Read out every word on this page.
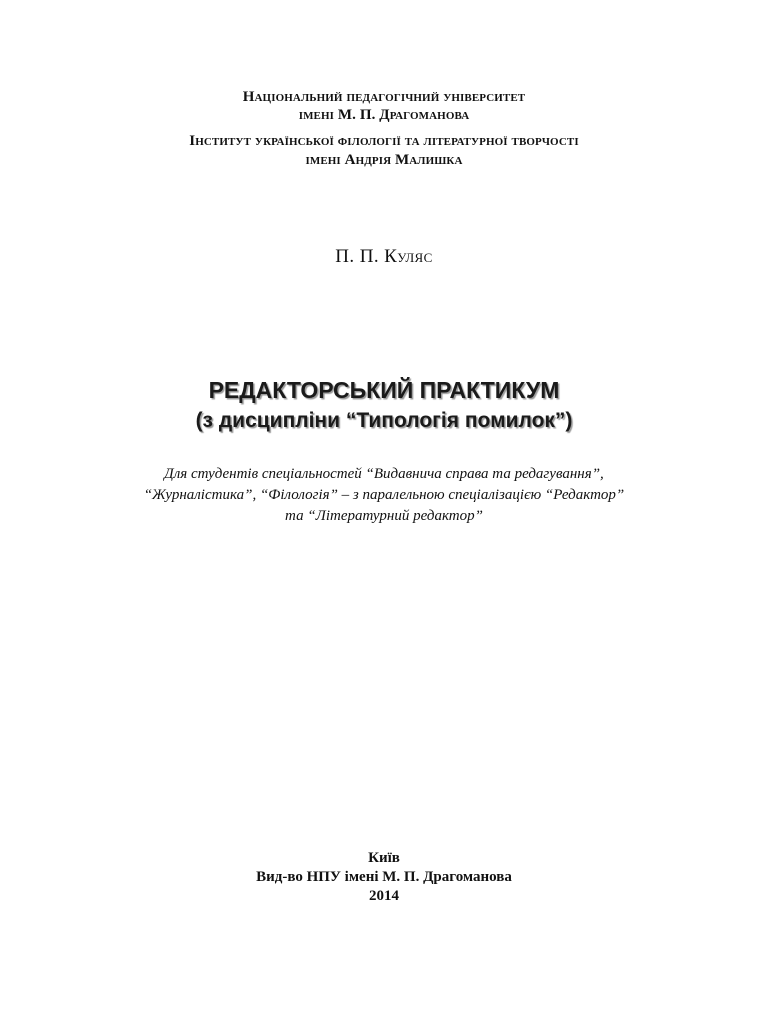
Національний педагогічний університет
імені М. П. Драгоманова
Інститут української філології та літературної творчості
імені Андрія Малишка
П. П. Куляс
РЕДАКТОРСЬКИЙ ПРАКТИКУМ
(з дисципліни “Типологія помилок”)
Для студентів спеціальностей “Видавнича справа та редагування”,
“Журналістика”, “Філологія” – з паралельною спеціалізацією “Редактор”
та “Літературний редактор”
Київ
Вид-во НПУ імені М. П. Драгоманова
2014
